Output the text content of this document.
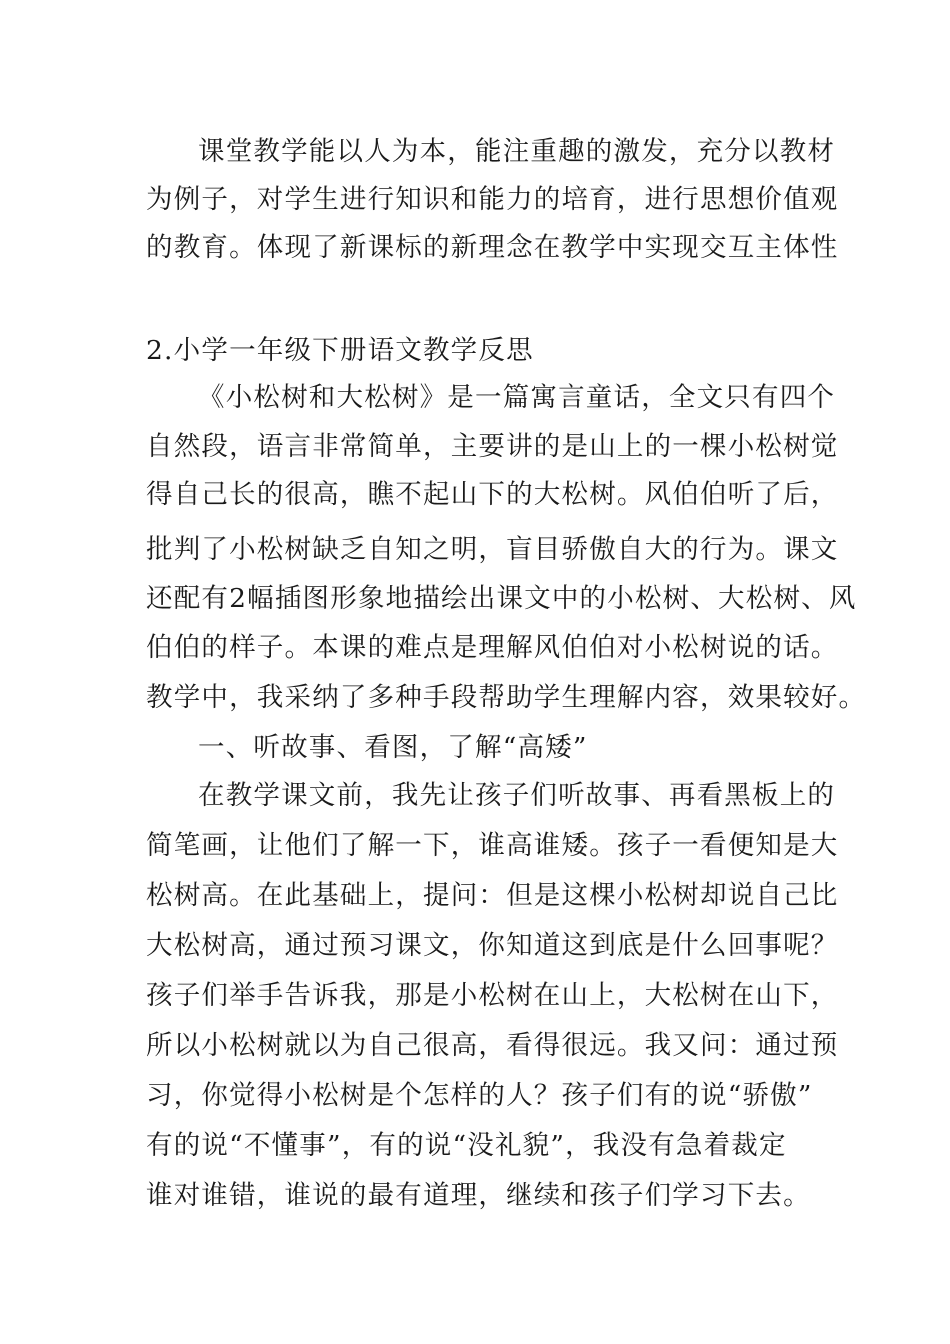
课堂教学能以人为本，能注重趣的激发，充分以教材
为例子，对学生进行知识和能力的培育，进行思想价值观
的教育。体现了新课标的新理念在教学中实现交互主体性
2.小学一年级下册语文教学反思
《小松树和大松树》是一篇寓言童话，全文只有四个
自然段，语言非常简单，主要讲的是山上的一棵小松树觉
得自己长的很高，瞧不起山下的大松树。风伯伯听了后，
批判了小松树缺乏自知之明，盲目骄傲自大的行为。课文
还配有2幅插图形象地描绘出课文中的小松树、大松树、风
伯伯的样子。本课的难点是理解风伯伯对小松树说的话。
教学中，我采纳了多种手段帮助学生理解内容，效果较好。
一、听故事、看图，了解“高矮”
在教学课文前，我先让孩子们听故事、再看黑板上的
简笔画，让他们了解一下，谁高谁矮。孩子一看便知是大
松树高。在此基础上，提问：但是这棵小松树却说自己比
大松树高，通过预习课文，你知道这到底是什么回事呢？
孩子们举手告诉我，那是小松树在山上，大松树在山下，
所以小松树就以为自己很高，看得很远。我又问：通过预
习，你觉得小松树是个怎样的人？孩子们有的说“骄傲”
有的说“不懂事”，有的说“没礼貌”，我没有急着裁定
谁对谁错，谁说的最有道理，继续和孩子们学习下去。
